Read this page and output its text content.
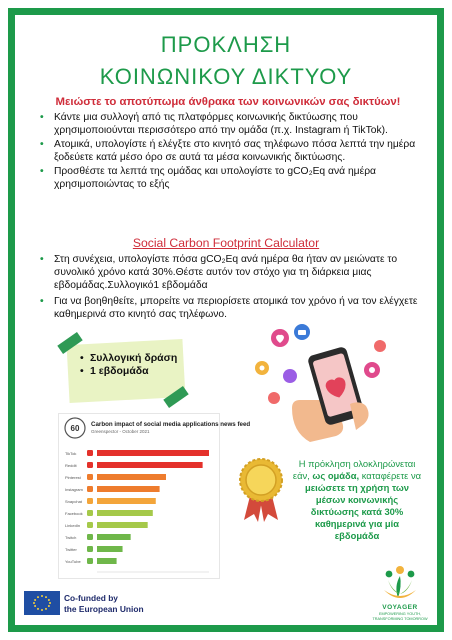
ΠΡΟΚΛΗΣΗ
ΚΟΙΝΩΝΙΚΟΥ ΔΙΚΤΥΟΥ
Μειώστε το αποτύπωμα άνθρακα των κοινωνικών σας δικτύων!
• Κάντε μια συλλογή από τις πλατφόρμες κοινωνικής δικτύωσης που χρησιμοποιούνται περισσότερο από την ομάδα (π.χ. Instagram ή TikTok).
• Ατομικά, υπολογίστε ή ελέγξτε στο κινητό σας τηλέφωνο πόσα λεπτά την ημέρα ξοδεύετε κατά μέσο όρο σε αυτά τα μέσα κοινωνικής δικτύωσης.
• Προσθέστε τα λεπτά της ομάδας και υπολογίστε το gCO₂Eq ανά ημέρα χρησιμοποιώντας το εξής
Social Carbon Footprint Calculator
• Στη συνέχεια, υπολογίστε πόσα gCO₂Eq ανά ημέρα θα ήταν αν μειώνατε το συνολικό χρόνο κατά 30%.Θέστε αυτόν τον στόχο για τη διάρκεια μιας εβδομάδας.Συλλογικό1 εβδομάδα
• Για να βοηθηθείτε, μπορείτε να περιορίσετε ατομικά τον χρόνο ή να τον ελέγχετε καθημερινά στο κινητό σας τηλέφωνο.
• Συλλογική δράση
• 1 εβδομάδα
60 Carbon impact of social media applications news feed
Greenspector - October 2021
TikTok
Reddit
Pinterest
Instagram
Snapchat
Facebook
LinkedIn
Twitch
Twitter
YouTube
Η πρόκληση ολοκληρώνεται εάν, ως ομάδα, καταφέρετε να μειώσετε τη χρήση των μέσων κοινωνικής δικτύωσης κατά 30% καθημερινά για μία εβδομάδα
Co-funded by
the European Union	VOYAGER
EMPOWERING YOUTH, TRANSFORMING TOMORROW
